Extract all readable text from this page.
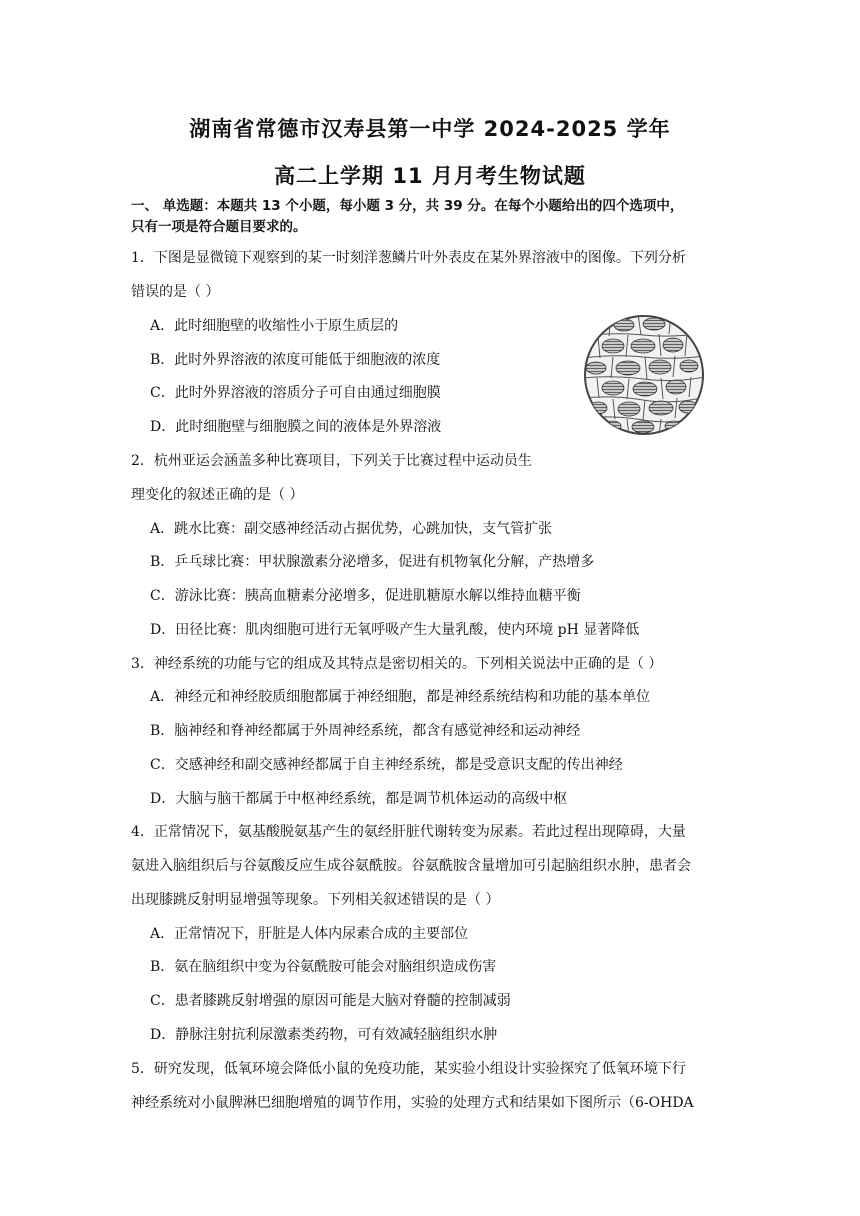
湖南省常德市汉寿县第一中学 2024-2025 学年
高二上学期 11 月月考生物试题
一、 单选题：本题共 13 个小题，每小题 3 分，共 39 分。在每个小题给出的四个选项中，
只有一项是符合题目要求的。
1．下图是显微镜下观察到的某一时刻洋葱鳞片叶外表皮在某外界溶液中的图像。下列分析
错误的是（ ）
A．此时细胞壁的收缩性小于原生质层的
B．此时外界溶液的浓度可能低于细胞液的浓度
C．此时外界溶液的溶质分子可自由通过细胞膜
D．此时细胞壁与细胞膜之间的液体是外界溶液
2．杭州亚运会涵盖多种比赛项目，下列关于比赛过程中运动员生
理变化的叙述正确的是（ ）
A．跳水比赛：副交感神经活动占据优势，心跳加快，支气管扩张
B．乒乓球比赛：甲状腺激素分泌增多，促进有机物氧化分解，产热增多
C．游泳比赛：胰高血糖素分泌增多，促进肌糖原水解以维持血糖平衡
D．田径比赛：肌肉细胞可进行无氧呼吸产生大量乳酸，使内环境 pH 显著降低
3．神经系统的功能与它的组成及其特点是密切相关的。下列相关说法中正确的是（ ）
A．神经元和神经胶质细胞都属于神经细胞，都是神经系统结构和功能的基本单位
B．脑神经和脊神经都属于外周神经系统，都含有感觉神经和运动神经
C．交感神经和副交感神经都属于自主神经系统，都是受意识支配的传出神经
D．大脑与脑干都属于中枢神经系统，都是调节机体运动的高级中枢
4．正常情况下，氨基酸脱氨基产生的氨经肝脏代谢转变为尿素。若此过程出现障碍，大量
氨进入脑组织后与谷氨酸反应生成谷氨酰胺。谷氨酰胺含量增加可引起脑组织水肿，患者会
出现膝跳反射明显增强等现象。下列相关叙述错误的是（ ）
A．正常情况下，肝脏是人体内尿素合成的主要部位
B．氨在脑组织中变为谷氨酰胺可能会对脑组织造成伤害
C．患者膝跳反射增强的原因可能是大脑对脊髓的控制减弱
D．静脉注射抗利尿激素类药物，可有效减轻脑组织水肿
5．研究发现，低氧环境会降低小鼠的免疫功能，某实验小组设计实验探究了低氧环境下行
神经系统对小鼠脾淋巴细胞增殖的调节作用，实验的处理方式和结果如下图所示（6-OHDA
